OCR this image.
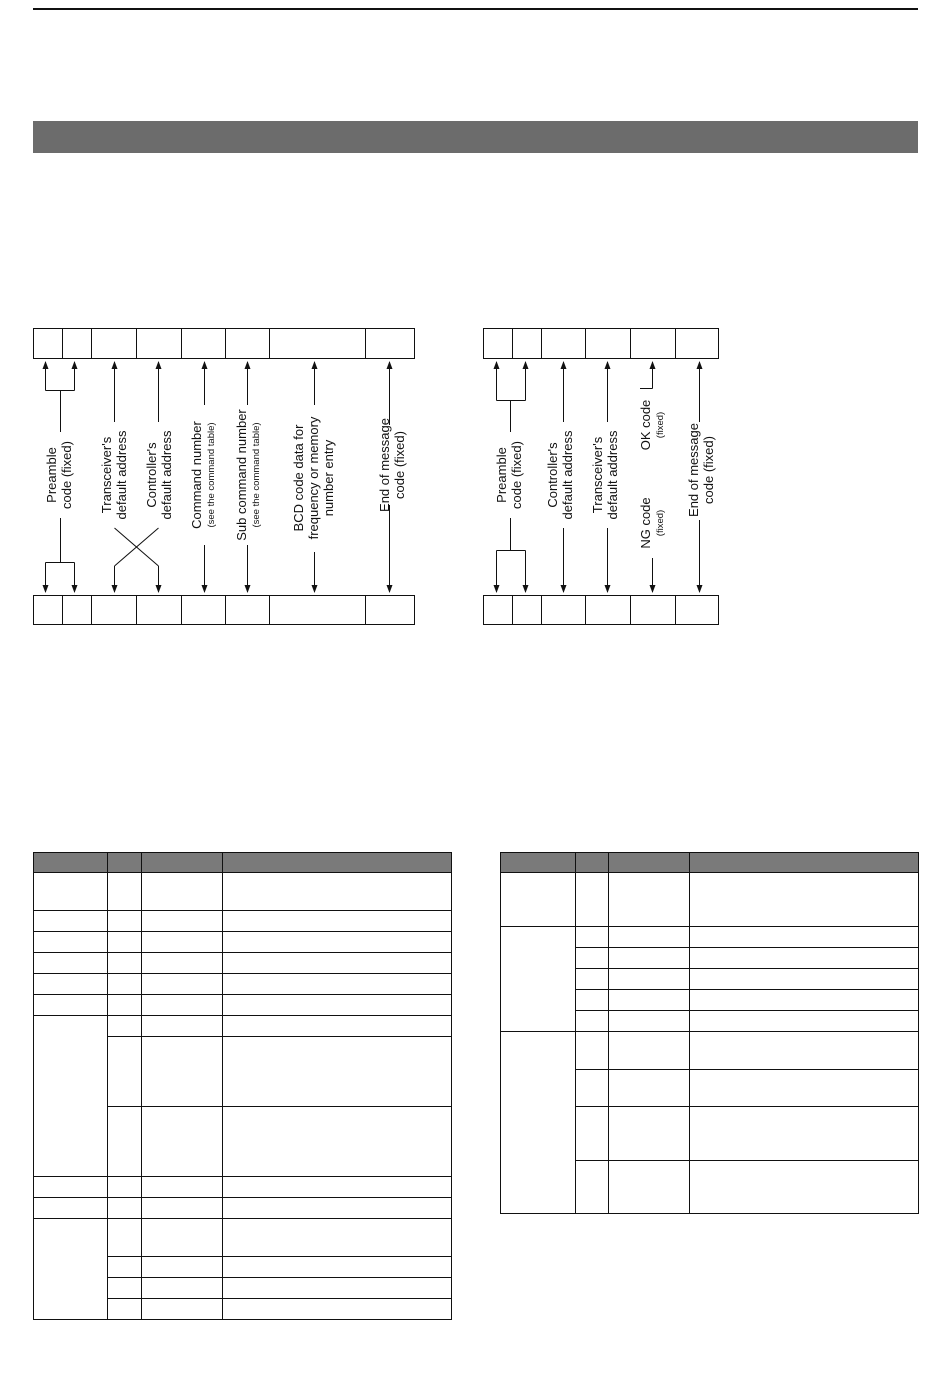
Preamble code (fixed) Transceiver's default address Controller's default address Command number (see the command table) Sub command number (see the command table) BCD code data for frequency or memory number entry	End of message code (fixed)	Preamble code (fixed) Controller's default address Transceiver's default address
OK code (fixed)
NG code (fixed)
End of message code (fixed)
